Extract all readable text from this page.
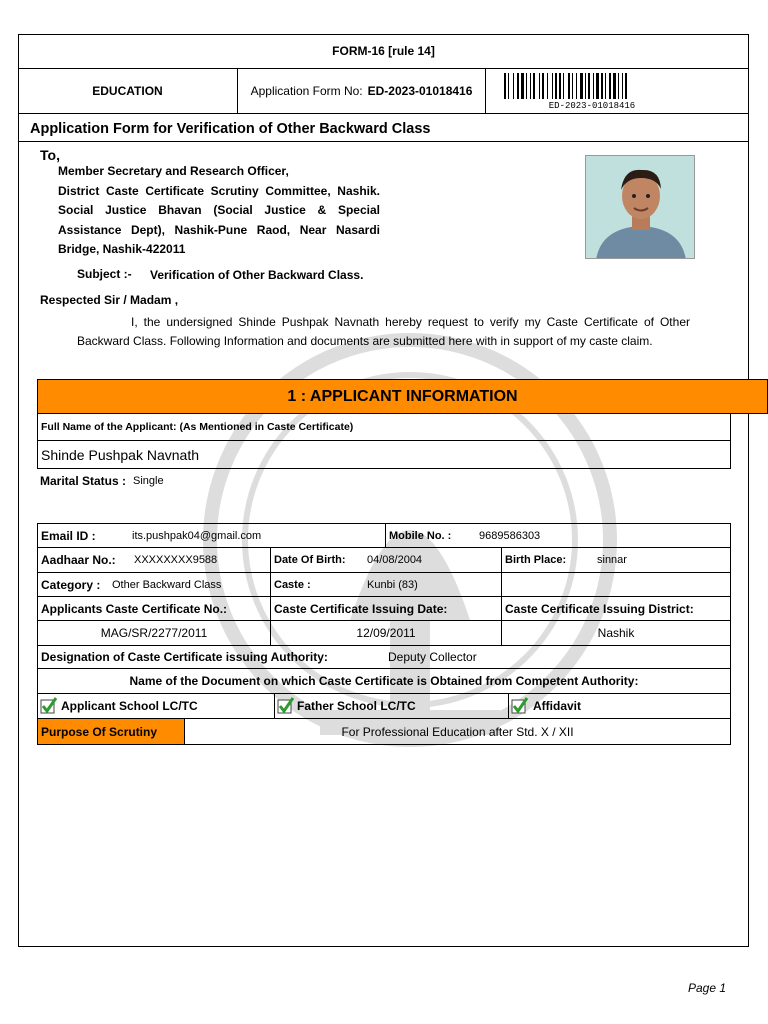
FORM-16 [rule 14]
EDUCATION	Application Form No: ED-2023-01018416
ED-2023-01018416
Application Form for Verification of Other Backward Class
To,
Member Secretary and Research Officer,
District Caste Certificate Scrutiny Committee, Nashik. Social Justice Bhavan (Social Justice & Special Assistance Dept), Nashik-Pune Raod, Near Nasardi Bridge, Nashik-422011
Subject :- Verification of Other Backward Class.
Respected Sir / Madam ,
I, the undersigned Shinde Pushpak Navnath hereby request to verify my Caste Certificate of Other Backward Class. Following Information and documents are submitted here with in support of my caste claim.
1 : APPLICANT INFORMATION
Full Name of the Applicant: (As Mentioned in Caste Certificate)
Shinde Pushpak Navnath
Marital Status : Single
Email ID :	its.pushpak04@gmail.com	Mobile No. :	9689586303
Aadhaar No.:	XXXXXXXX9588	Date Of Birth:	04/08/2004	Birth Place:	sinnar
Category :	Other Backward Class	Caste :	Kunbi (83)
Applicants Caste Certificate No.:	Caste Certificate Issuing Date:	Caste Certificate Issuing District:
MAG/SR/2277/2011	12/09/2011	Nashik
Designation of Caste Certificate issuing Authority:	Deputy Collector
Name of the Document on which Caste Certificate is Obtained from Competent Authority:
Applicant School LC/TC	Father School LC/TC	Affidavit
Purpose Of Scrutiny	For Professional Education after Std. X / XII
Page 1
